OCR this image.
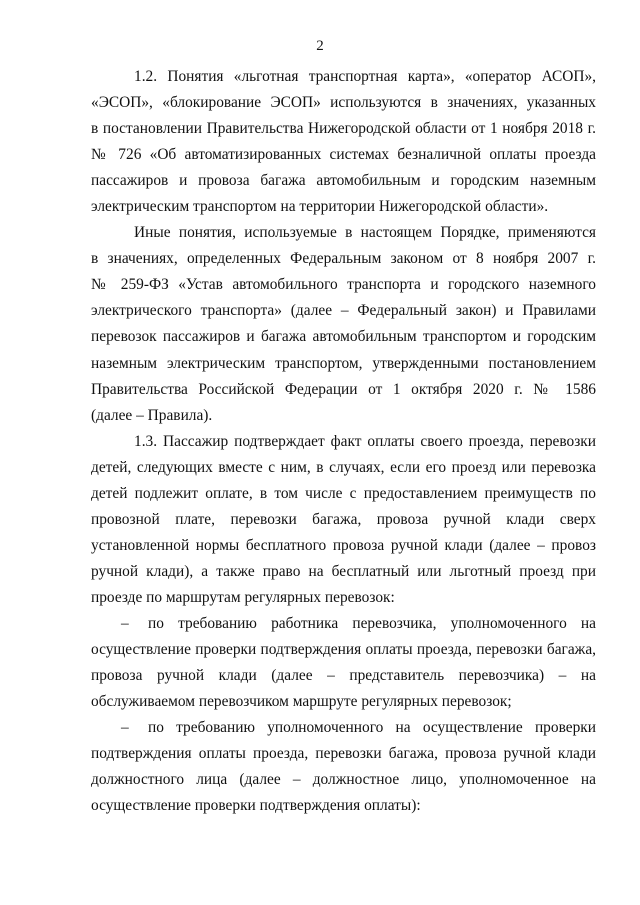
2
1.2. Понятия «льготная транспортная карта», «оператор АСОП»,
«ЭСОП», «блокирование ЭСОП» используются в значениях, указанных
в постановлении Правительства Нижегородской области от 1 ноября 2018 г.
№ 726 «Об автоматизированных системах безналичной оплаты проезда
пассажиров и провоза багажа автомобильным и городским наземным
электрическим транспортом на территории Нижегородской области».
Иные понятия, используемые в настоящем Порядке, применяются
в значениях, определенных Федеральным законом от 8 ноября 2007 г.
№ 259-ФЗ «Устав автомобильного транспорта и городского наземного
электрического транспорта» (далее – Федеральный закон) и Правилами
перевозок пассажиров и багажа автомобильным транспортом и городским
наземным электрическим транспортом, утвержденными постановлением
Правительства Российской Федерации от 1 октября 2020 г. № 1586
(далее – Правила).
1.3. Пассажир подтверждает факт оплаты своего проезда, перевозки
детей, следующих вместе с ним, в случаях, если его проезд или перевозка
детей подлежит оплате, в том числе с предоставлением преимуществ по
провозной плате, перевозки багажа, провоза ручной клади сверх
установленной нормы бесплатного провоза ручной клади (далее – провоз
ручной клади), а также право на бесплатный или льготный проезд при
проезде по маршрутам регулярных перевозок:
–	по требованию работника перевозчика, уполномоченного на
осуществление проверки подтверждения оплаты проезда, перевозки багажа,
провоза ручной клади (далее – представитель перевозчика) – на
обслуживаемом перевозчиком маршруте регулярных перевозок;
–	по требованию уполномоченного на осуществление проверки
подтверждения оплаты проезда, перевозки багажа, провоза ручной клади
должностного лица (далее – должностное лицо, уполномоченное на
осуществление проверки подтверждения оплаты):
